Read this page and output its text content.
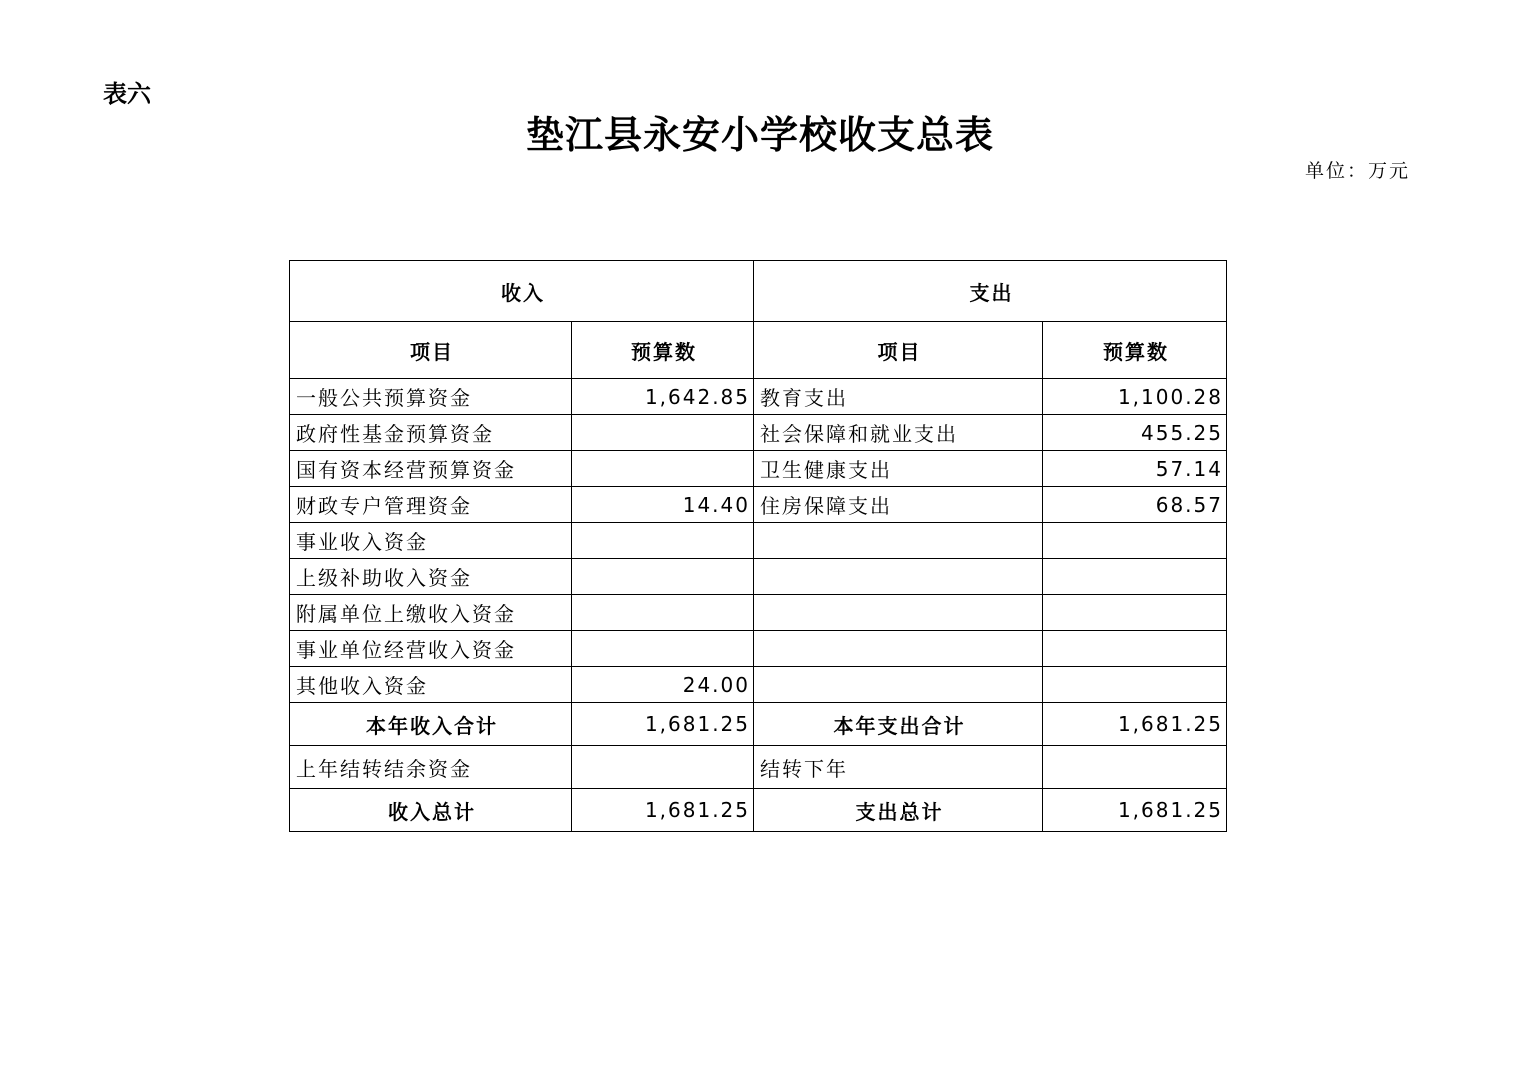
表六
垫江县永安小学校收支总表
单位：万元
收入		支出	
项目	预算数	项目	预算数
一般公共预算资金	1,642.85	教育支出	1,100.28
政府性基金预算资金		社会保障和就业支出	455.25
国有资本经营预算资金		卫生健康支出	57.14
财政专户管理资金	14.40	住房保障支出	68.57
事业收入资金			
上级补助收入资金			
附属单位上缴收入资金			
事业单位经营收入资金			
其他收入资金	24.00		
本年收入合计	1,681.25	本年支出合计	1,681.25
上年结转结余资金		结转下年	
收入总计	1,681.25	支出总计	1,681.25
